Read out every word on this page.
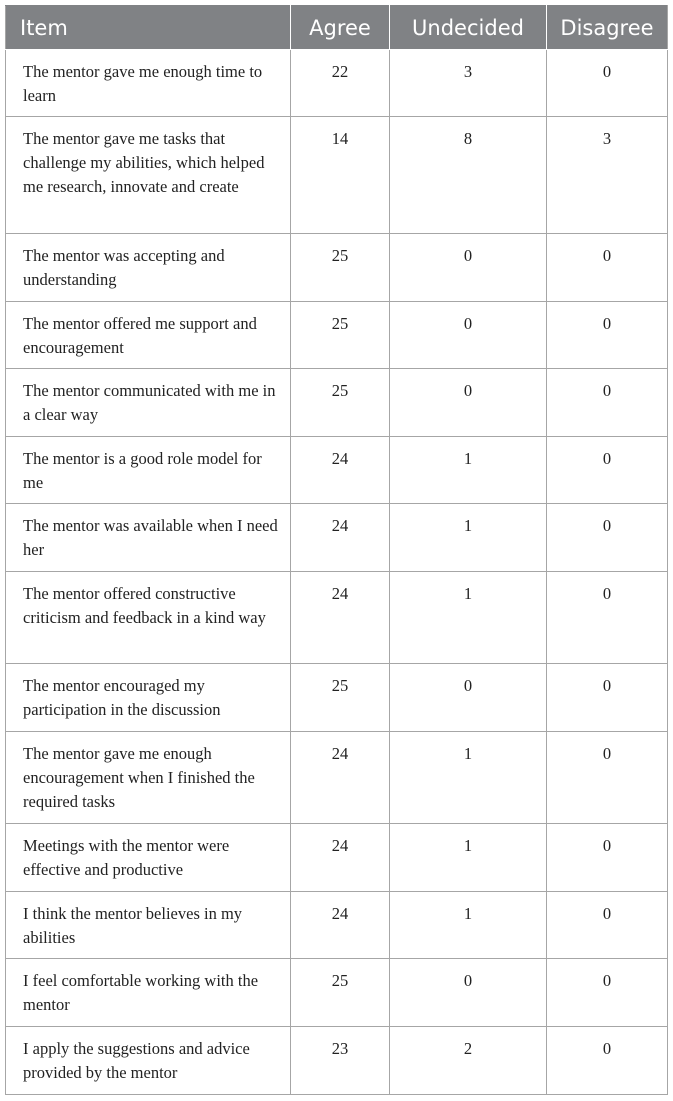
Item	Agree	Undecided	Disagree
The mentor gave me enough time to learn	22	3	0
The mentor gave me tasks that challenge my abilities, which helped me research, innovate and create	14	8	3
The mentor was accepting and understanding	25	0	0
The mentor offered me support and encouragement	25	0	0
The mentor communicated with me in a clear way	25	0	0
The mentor is a good role model for me	24	1	0
The mentor was available when I need her	24	1	0
The mentor offered constructive criticism and feedback in a kind way	24	1	0
The mentor encouraged my participation in the discussion	25	0	0
The mentor gave me enough encouragement when I finished the required tasks	24	1	0
Meetings with the mentor were effective and productive	24	1	0
I think the mentor believes in my abilities	24	1	0
I feel comfortable working with the mentor	25	0	0
I apply the suggestions and advice provided by the mentor	23	2	0
